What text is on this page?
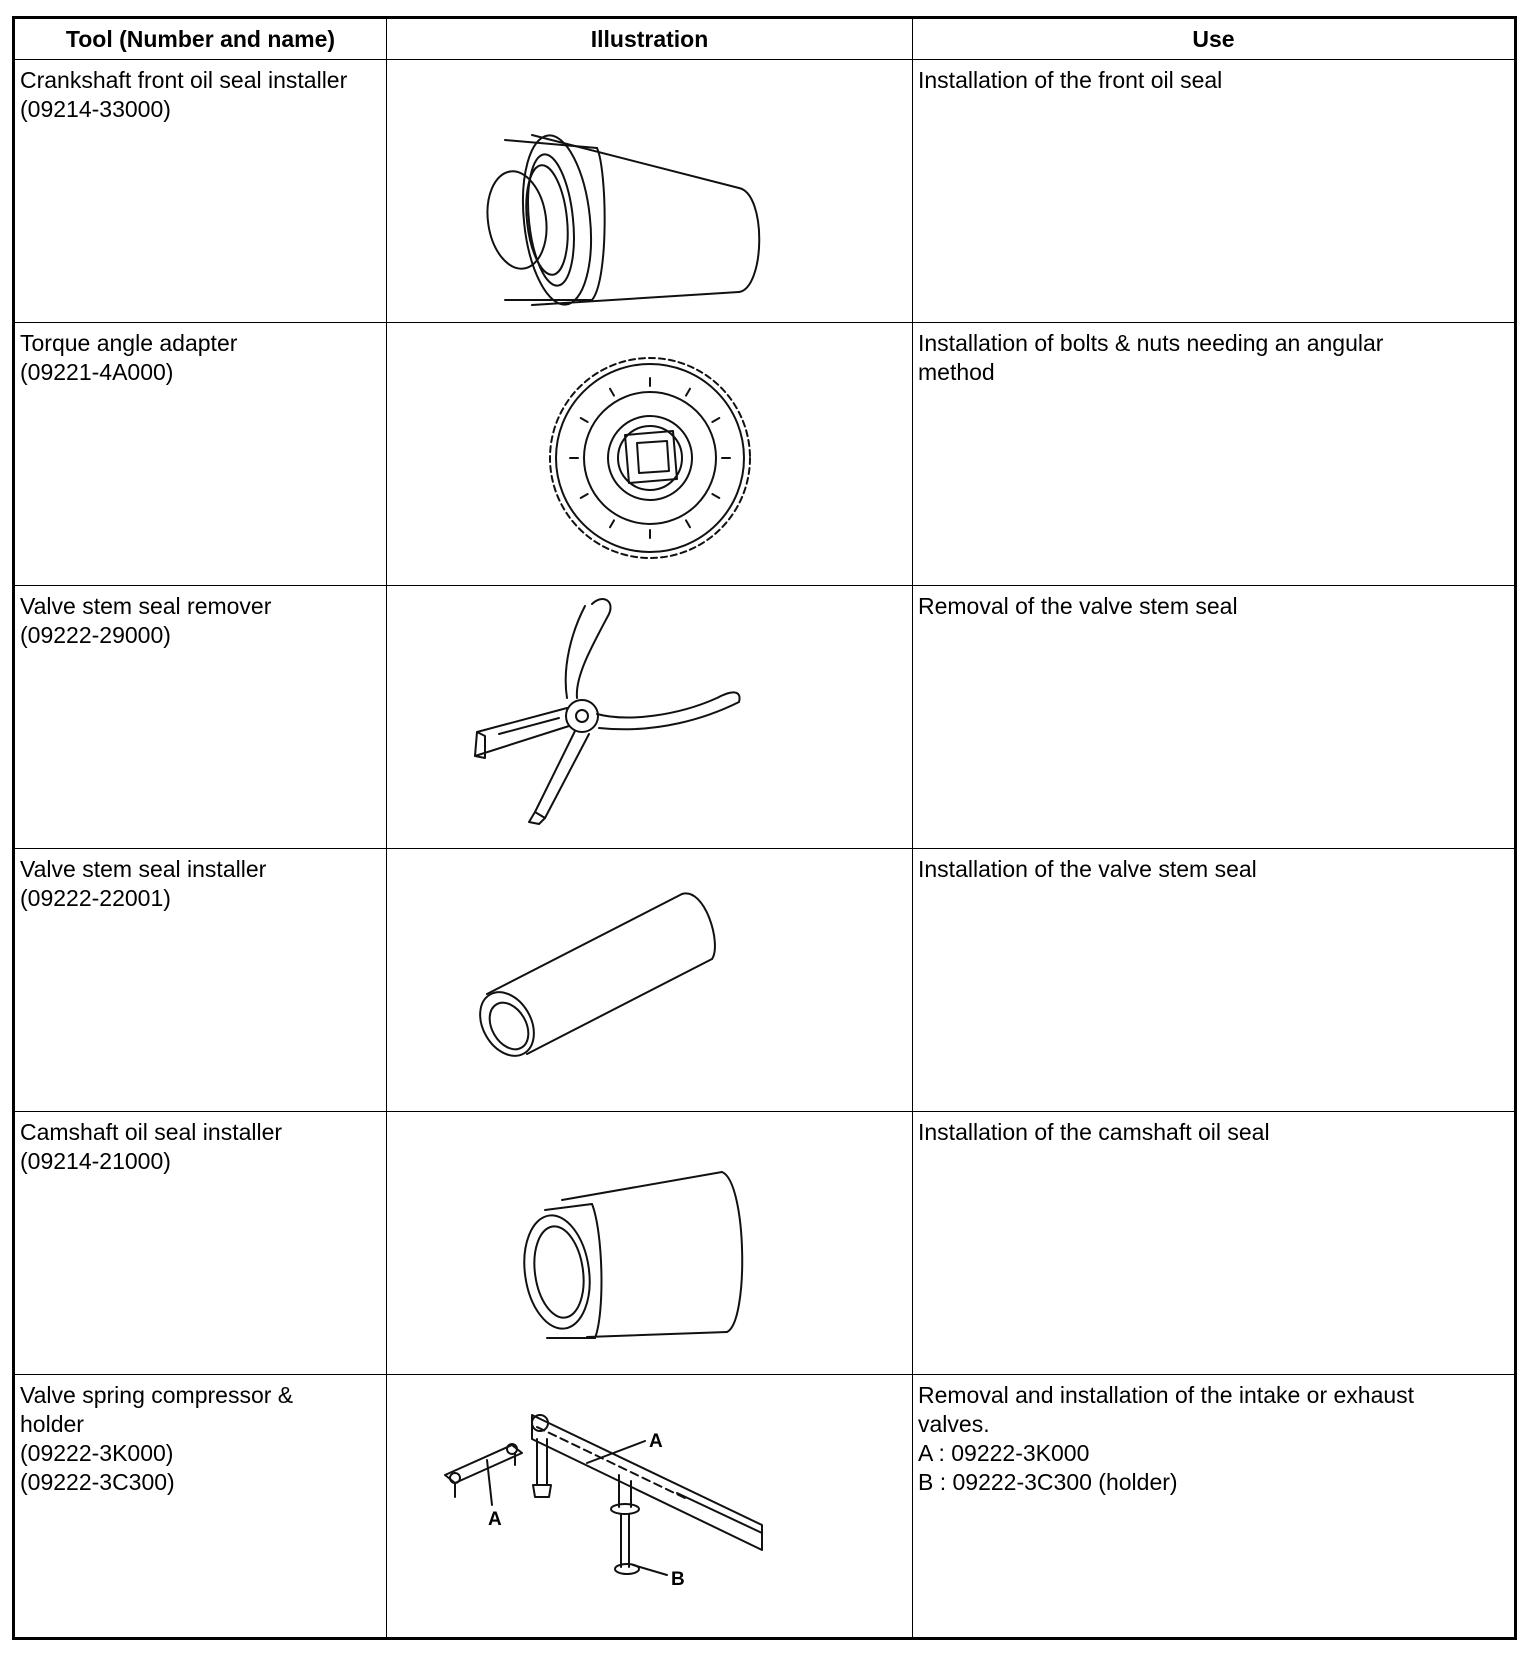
Tool (Number and name)	Illustration	Use

Crankshaft front oil seal installer
(09214-33000)		Installation of the front oil seal

Torque angle adapter
(09221-4A000)		Installation of bolts & nuts needing an angular
method

Valve stem seal remover
(09222-29000)		Removal of the valve stem seal

Valve stem seal installer
(09222-22001)		Installation of the valve stem seal

Camshaft oil seal installer
(09214-21000)		Installation of the camshaft oil seal

Valve spring compressor &
holder
(09222-3K000)
(09222-3C300)	A
A
B	Removal and installation of the intake or exhaust
valves.
A : 09222-3K000
B : 09222-3C300 (holder)
